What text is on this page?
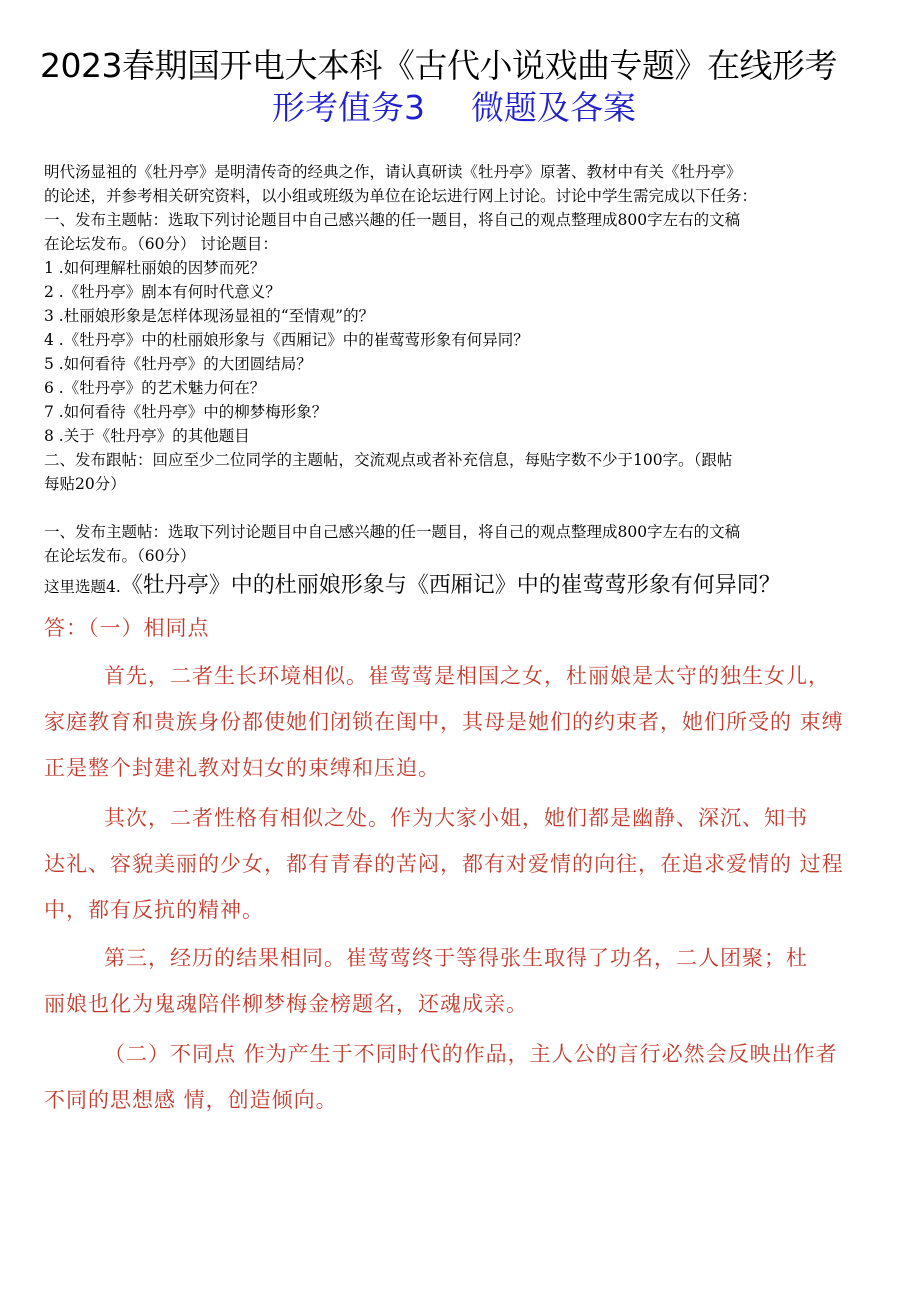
2023春期国开电大本科《古代小说戏曲专题》在线形考
形考值务3 微题及各案
明代汤显祖的《牡丹亭》是明清传奇的经典之作，请认真研读《牡丹亭》原著、教材中有关《牡丹亭》
的论述，并参考相关研究资料，以小组或班级为单位在论坛进行网上讨论。讨论中学生需完成以下任务：
一、发布主题帖：选取下列讨论题目中自己感兴趣的任一题目，将自己的观点整理成800字左右的文稿
在论坛发布。（60分） 讨论题目：
1 .如何理解杜丽娘的因梦而死？
2 .《牡丹亭》剧本有何时代意义？
3 .杜丽娘形象是怎样体现汤显祖的“至情观”的？
4 .《牡丹亭》中的杜丽娘形象与《西厢记》中的崔莺莺形象有何异同？
5 .如何看待《牡丹亭》的大团圆结局？
6 .《牡丹亭》的艺术魅力何在？
7 .如何看待《牡丹亭》中的柳梦梅形象？
8 .关于《牡丹亭》的其他题目
二、发布跟帖：回应至少二位同学的主题帖，交流观点或者补充信息，每贴字数不少于100字。（跟帖
每贴20分）
一、发布主题帖：选取下列讨论题目中自己感兴趣的任一题目，将自己的观点整理成800字左右的文稿
在论坛发布。（60分）
这里选题4.《牡丹亭》中的杜丽娘形象与《西厢记》中的崔莺莺形象有何异同？
答：（一）相同点
首先，二者生长环境相似。崔莺莺是相国之女，杜丽娘是太守的独生女儿，
家庭教育和贵族身份都使她们闭锁在闺中，其母是她们的约束者，她们所受的 束缚
正是整个封建礼教对妇女的束缚和压迫。
其次，二者性格有相似之处。作为大家小姐，她们都是幽静、深沉、知书
达礼、容貌美丽的少女，都有青春的苦闷，都有对爱情的向往，在追求爱情的 过程
中，都有反抗的精神。
第三，经历的结果相同。崔莺莺终于等得张生取得了功名，二人团聚；杜
丽娘也化为鬼魂陪伴柳梦梅金榜题名，还魂成亲。
（二）不同点 作为产生于不同时代的作品，主人公的言行必然会反映出作者
不同的思想感 情，创造倾向。
